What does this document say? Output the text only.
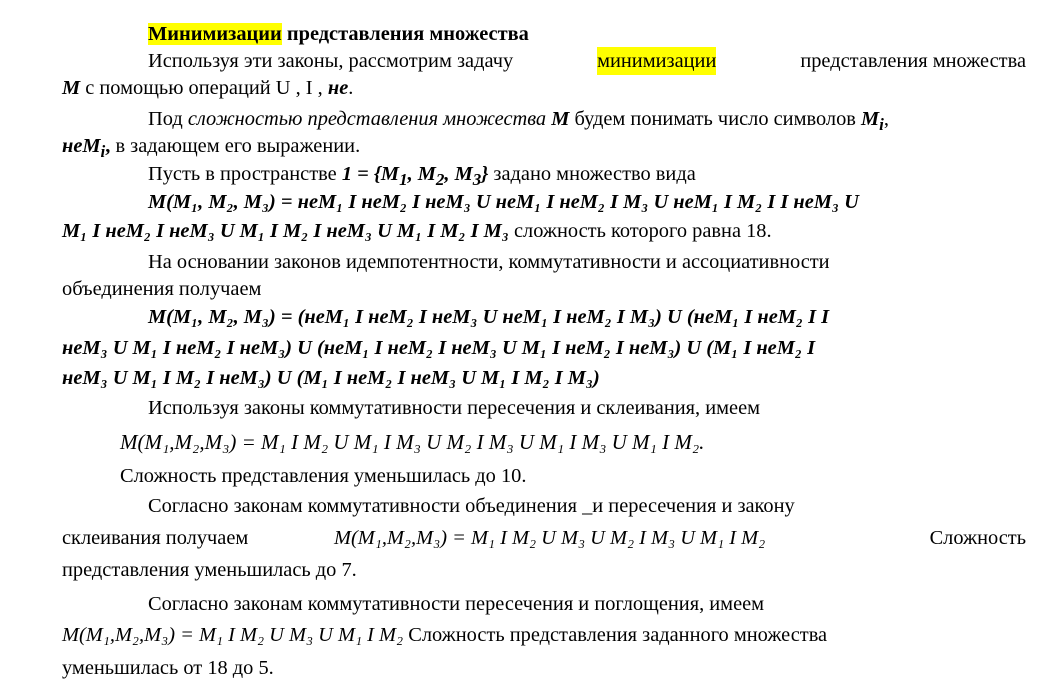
Минимизации представления множества
Используя эти законы, рассмотрим задачу	минимизации	представления множества
M с помощью операций U , I , не.
Под сложностью представления множества M будем понимать число символов $M_i$,
неM$_i$, в задающем его выражении.
Пусть в пространстве $1 = \{M_1$, $M_2$, $M_3$} задано множество вида
M(M₁, M₂, M₃) = неM₁ I неM₂ I неM₃ U неM₁ I неM₂ I M₃ U неM₁ I M₂ I I неM₃ U
M₁ I неM₂ I неM₃ U M₁ I M₂ I неM₃ U M₁ I M₂ I M₃ сложность которого равна 18.
На основании законов идемпотентности, коммутативности и ассоциативности
объединения получаем
M(M₁, M₂, M₃) = (неM₁ I неM₂ I неM₃ U неM₁ I неM₂ I M₃) U (неM₁ I неM₂ I I
неM₃ U M₁ I неM₂ I неM₃) U (неM₁ I неM₂ I неM₃ U M₁ I неM₂ I неM₃) U (M₁ I неM₂ I
неM₃ U M₁ I M₂ I неM₃) U (M₁ I неM₂ I неM₃ U M₁ I M₂ I M₃)
Используя законы коммутативности пересечения и склеивания, имеем
M(M₁,M₂,M₃) = M₁ I M₂ U M₁ I M₃ U M₂ I M₃ U M₁ I M₃ U M₁ I M₂.
Сложность представления уменьшилась до 10.
Согласно законам коммутативности объединения _и пересечения и закону
склеивания получаем	M(M₁,M₂,M₃) = M₁ I M₂ U M₃ U M₂ I M₃ U M₁ I M₂	Сложность
представления уменьшилась до 7.
Согласно законам коммутативности пересечения и поглощения, имеем
M(M₁,M₂,M₃) = M₁ I M₂ U M₃ U M₁ I M₂ Сложность представления заданного множества
уменьшилась от 18 до 5.
